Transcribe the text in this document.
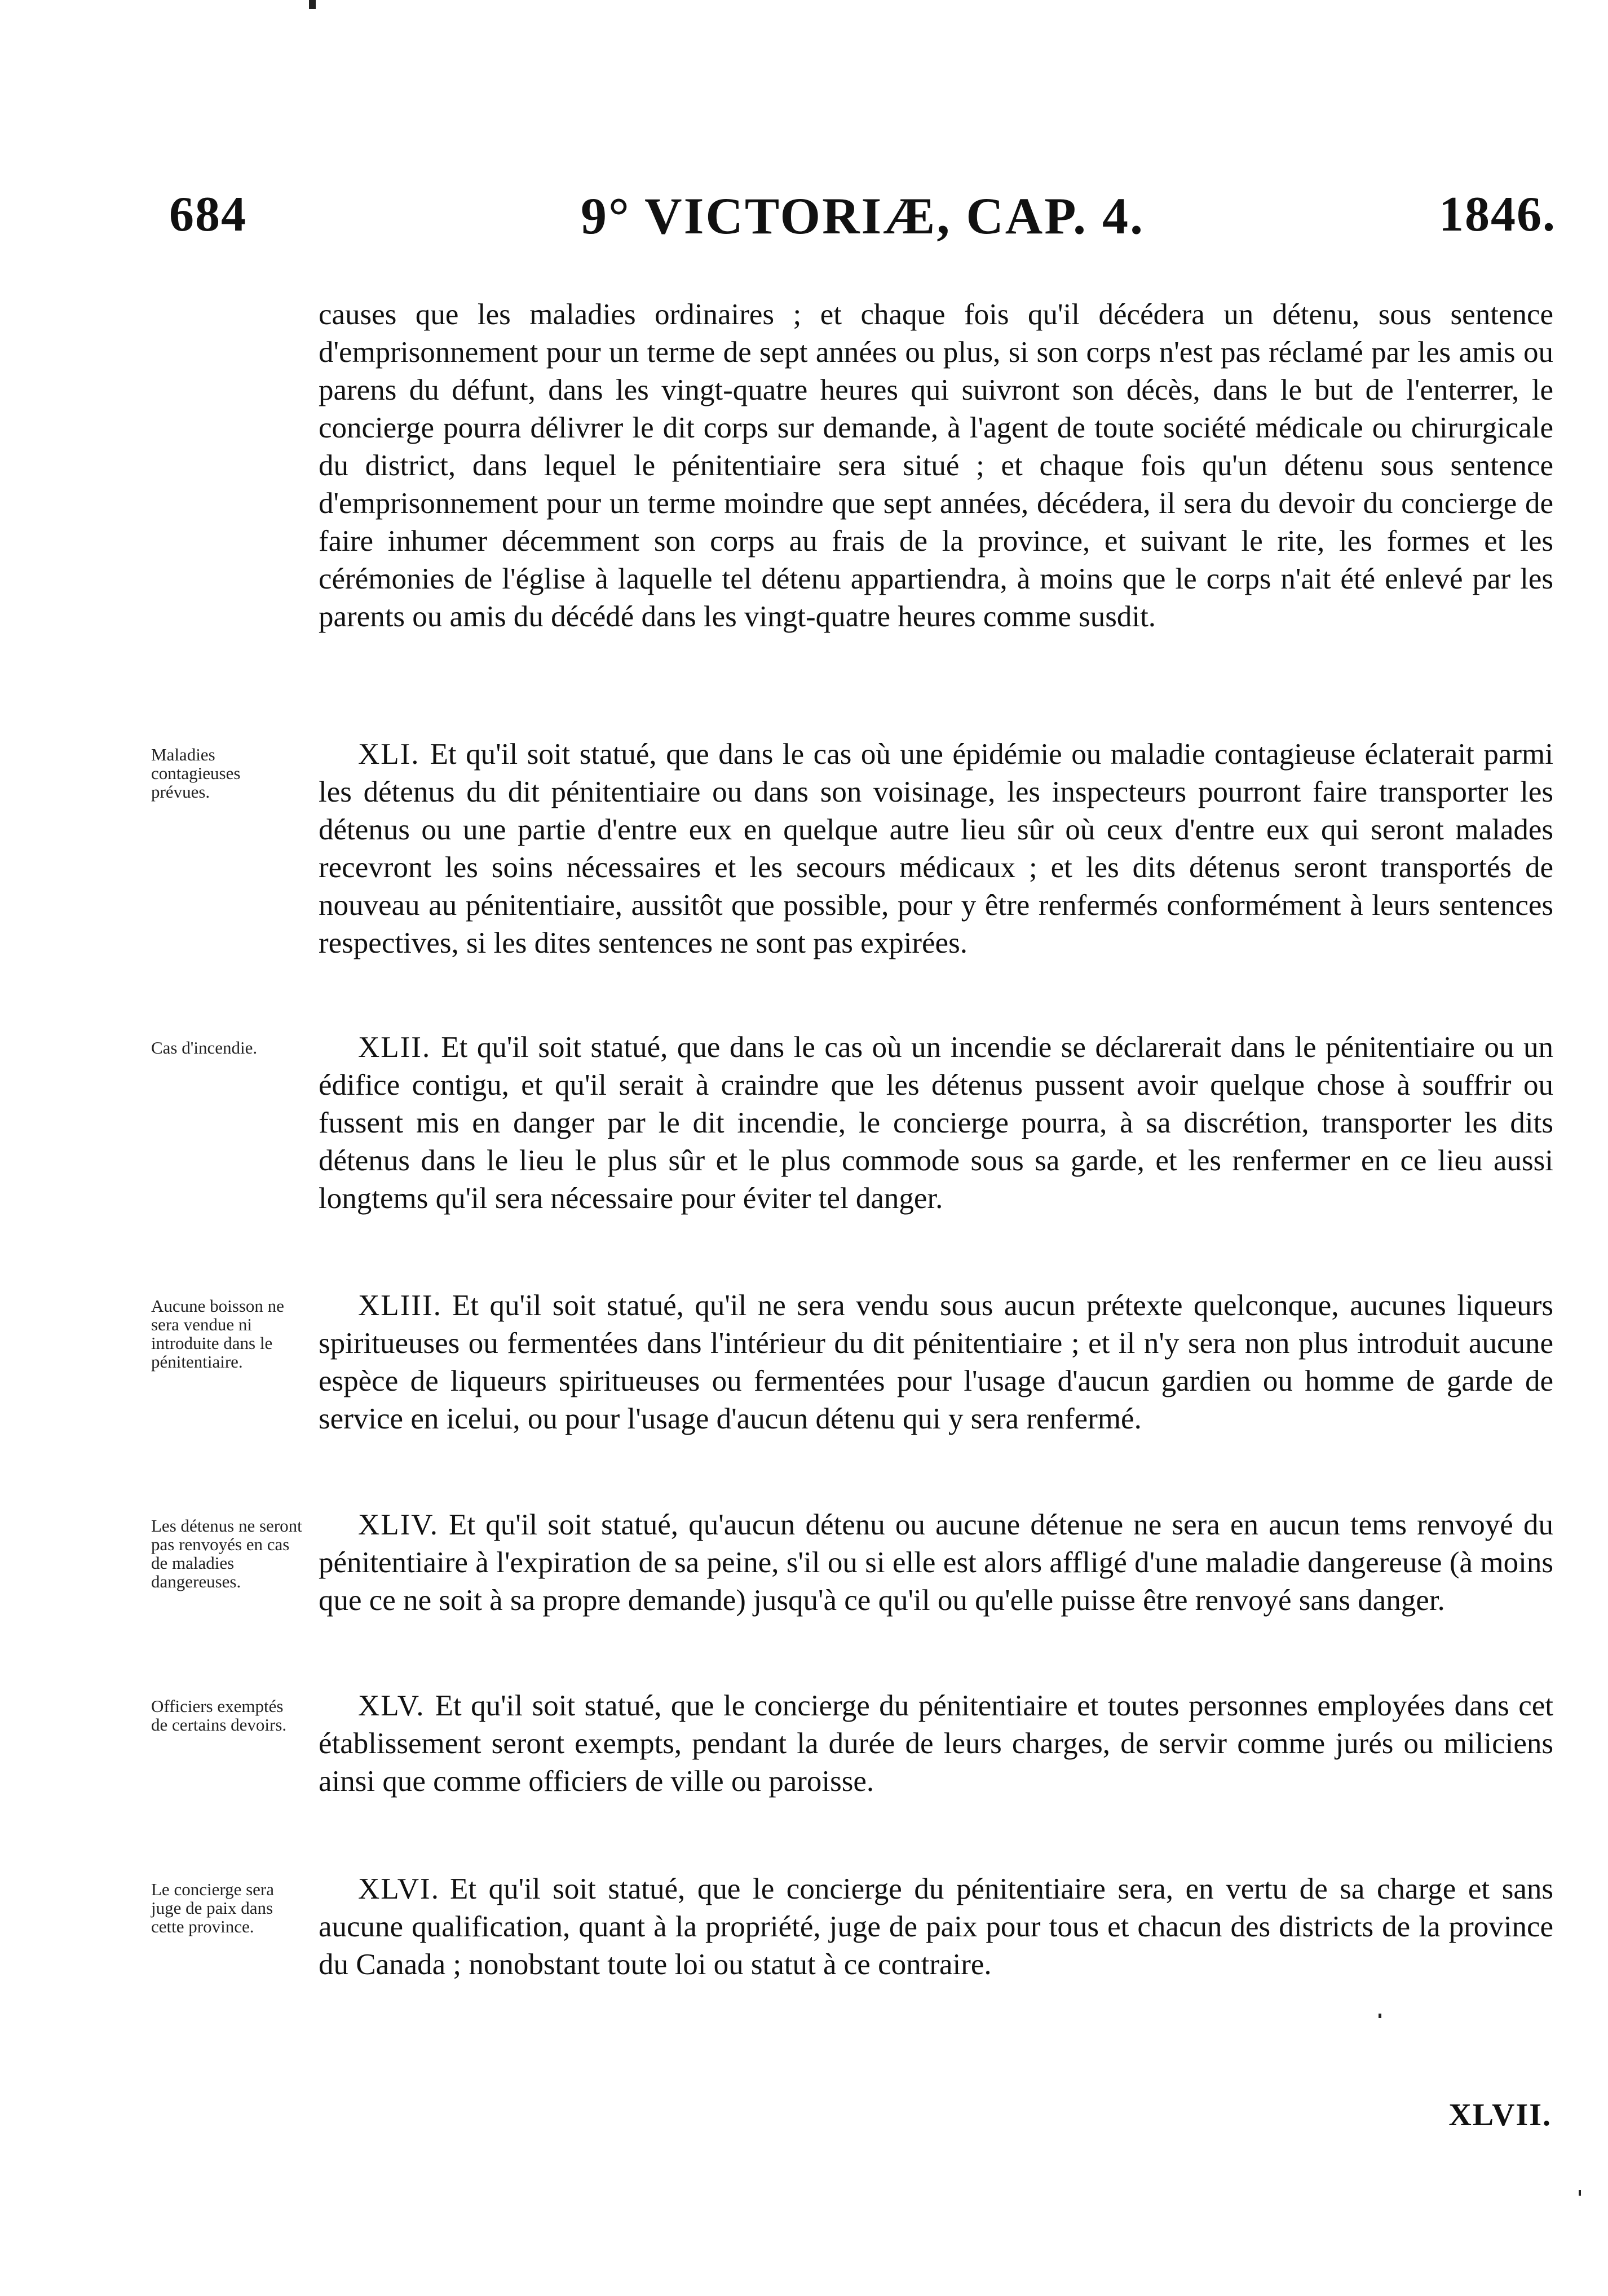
684	9° VICTORIÆ, CAP. 4.	1846.
causes que les maladies ordinaires ; et chaque fois qu'il décédera un détenu, sous sentence d'emprisonnement pour un terme de sept années ou plus, si son corps n'est pas réclamé par les amis ou parens du défunt, dans les vingt-quatre heures qui suivront son décès, dans le but de l'enterrer, le concierge pourra délivrer le dit corps sur demande, à l'agent de toute société médicale ou chirurgicale du district, dans lequel le pénitentiaire sera situé ; et chaque fois qu'un détenu sous sentence d'emprisonnement pour un terme moindre que sept années, décédera, il sera du devoir du concierge de faire inhumer décemment son corps au frais de la province, et suivant le rite, les formes et les cérémonies de l'église à laquelle tel détenu appartiendra, à moins que le corps n'ait été enlevé par les parents ou amis du décédé dans les vingt-quatre heures comme susdit.
Maladies contagieuses prévues.
XLI. Et qu'il soit statué, que dans le cas où une épidémie ou maladie contagieuse éclaterait parmi les détenus du dit pénitentiaire ou dans son voisinage, les inspecteurs pourront faire transporter les détenus ou une partie d'entre eux en quelque autre lieu sûr où ceux d'entre eux qui seront malades recevront les soins nécessaires et les secours médicaux ; et les dits détenus seront transportés de nouveau au pénitentiaire, aussitôt que possible, pour y être renfermés conformément à leurs sentences respectives, si les dites sentences ne sont pas expirées.
Cas d'incendie.	XLII. Et qu'il soit statué, que dans le cas où un incendie se déclarerait dans le pénitentiaire ou un édifice contigu, et qu'il serait à craindre que les détenus pussent avoir quelque chose à souffrir ou fussent mis en danger par le dit incendie, le concierge pourra, à sa discrétion, transporter les dits détenus dans le lieu le plus sûr et le plus commode sous sa garde, et les renfermer en ce lieu aussi longtems qu'il sera nécessaire pour éviter tel danger.
Aucune boisson ne sera vendue ni introduite dans le pénitentiaire.
XLIII. Et qu'il soit statué, qu'il ne sera vendu sous aucun prétexte quelconque, aucunes liqueurs spiritueuses ou fermentées dans l'intérieur du dit pénitentiaire ; et il n'y sera non plus introduit aucune espèce de liqueurs spiritueuses ou fermentées pour l'usage d'aucun gardien ou homme de garde de service en icelui, ou pour l'usage d'aucun détenu qui y sera renfermé.
Les détenus ne seront pas renvoyés en cas de maladies dangereuses.
XLIV. Et qu'il soit statué, qu'aucun détenu ou aucune détenue ne sera en aucun tems renvoyé du pénitentiaire à l'expiration de sa peine, s'il ou si elle est alors affligé d'une maladie dangereuse (à moins que ce ne soit à sa propre demande) jusqu'à ce qu'il ou qu'elle puisse être renvoyé sans danger.
Officiers exemptés de certains devoirs.
XLV. Et qu'il soit statué, que le concierge du pénitentiaire et toutes personnes employées dans cet établissement seront exempts, pendant la durée de leurs charges, de servir comme jurés ou miliciens ainsi que comme officiers de ville ou paroisse.
Le concierge sera juge de paix dans cette province.
XLVI. Et qu'il soit statué, que le concierge du pénitentiaire sera, en vertu de sa charge et sans aucune qualification, quant à la propriété, juge de paix pour tous et chacun des districts de la province du Canada ; nonobstant toute loi ou statut à ce contraire.
XLVII.
